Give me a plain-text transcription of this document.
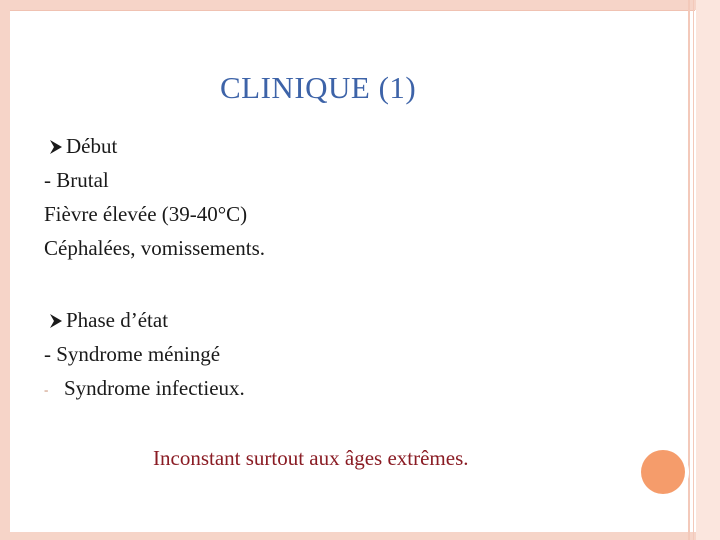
CLINIQUE (1)
Début
- Brutal
Fièvre élevée (39-40°C)
Céphalées, vomissements.
Phase d’état
- Syndrome méningé
- Syndrome infectieux.
Inconstant surtout aux âges extrêmes.
